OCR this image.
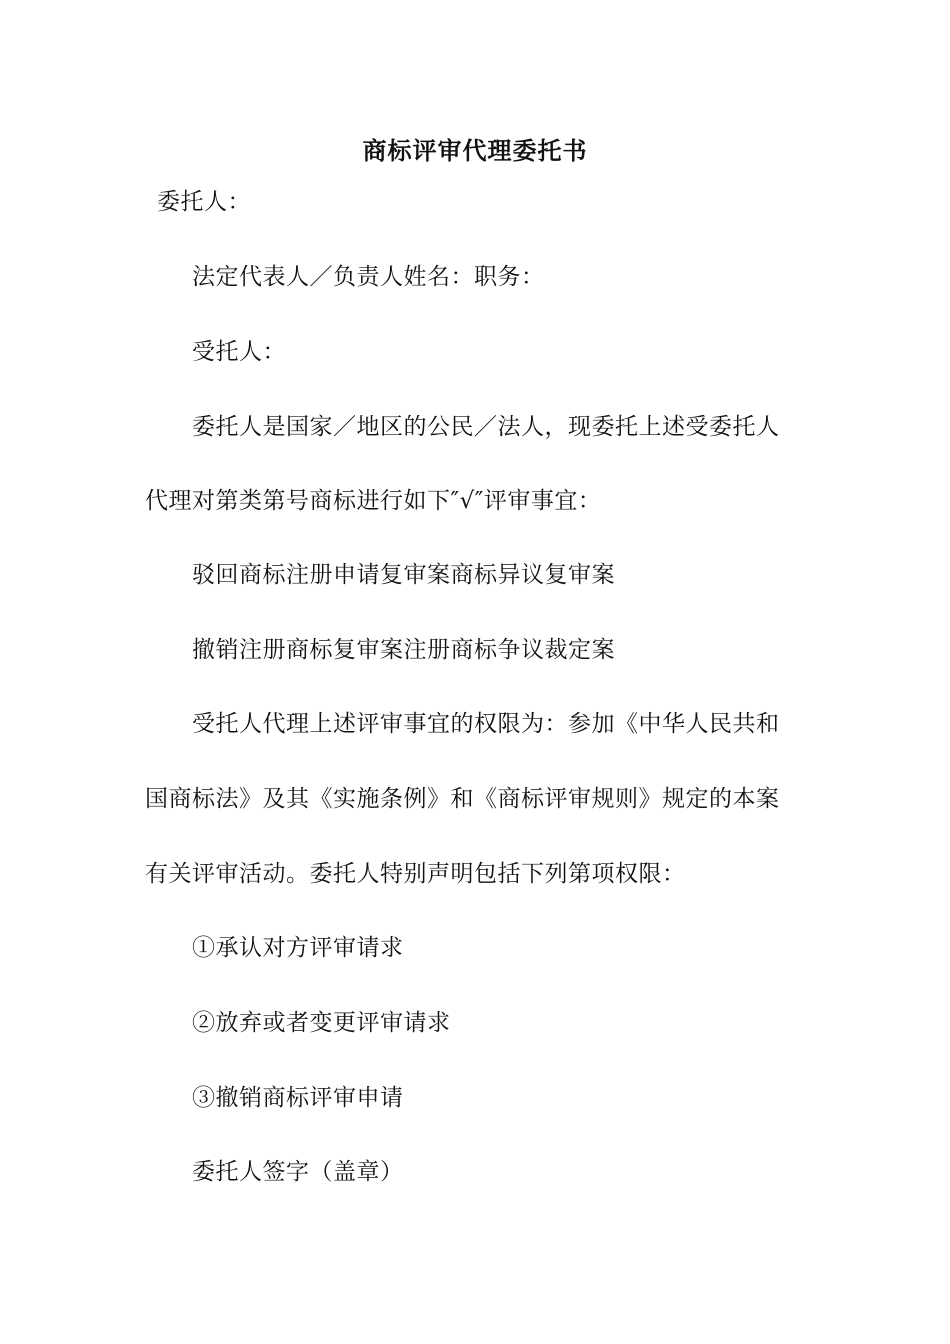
商标评审代理委托书
委托人：
法定代表人／负责人姓名：职务：
受托人：
委托人是国家／地区的公民／法人，现委托上述受委托人
代理对第类第号商标进行如下″√″评审事宜：
驳回商标注册申请复审案商标异议复审案
撤销注册商标复审案注册商标争议裁定案
受托人代理上述评审事宜的权限为：参加《中华人民共和
国商标法》及其《实施条例》和《商标评审规则》规定的本案
有关评审活动。委托人特别声明包括下列第项权限：
①承认对方评审请求
②放弃或者变更评审请求
③撤销商标评审申请
委托人签字（盖章）
